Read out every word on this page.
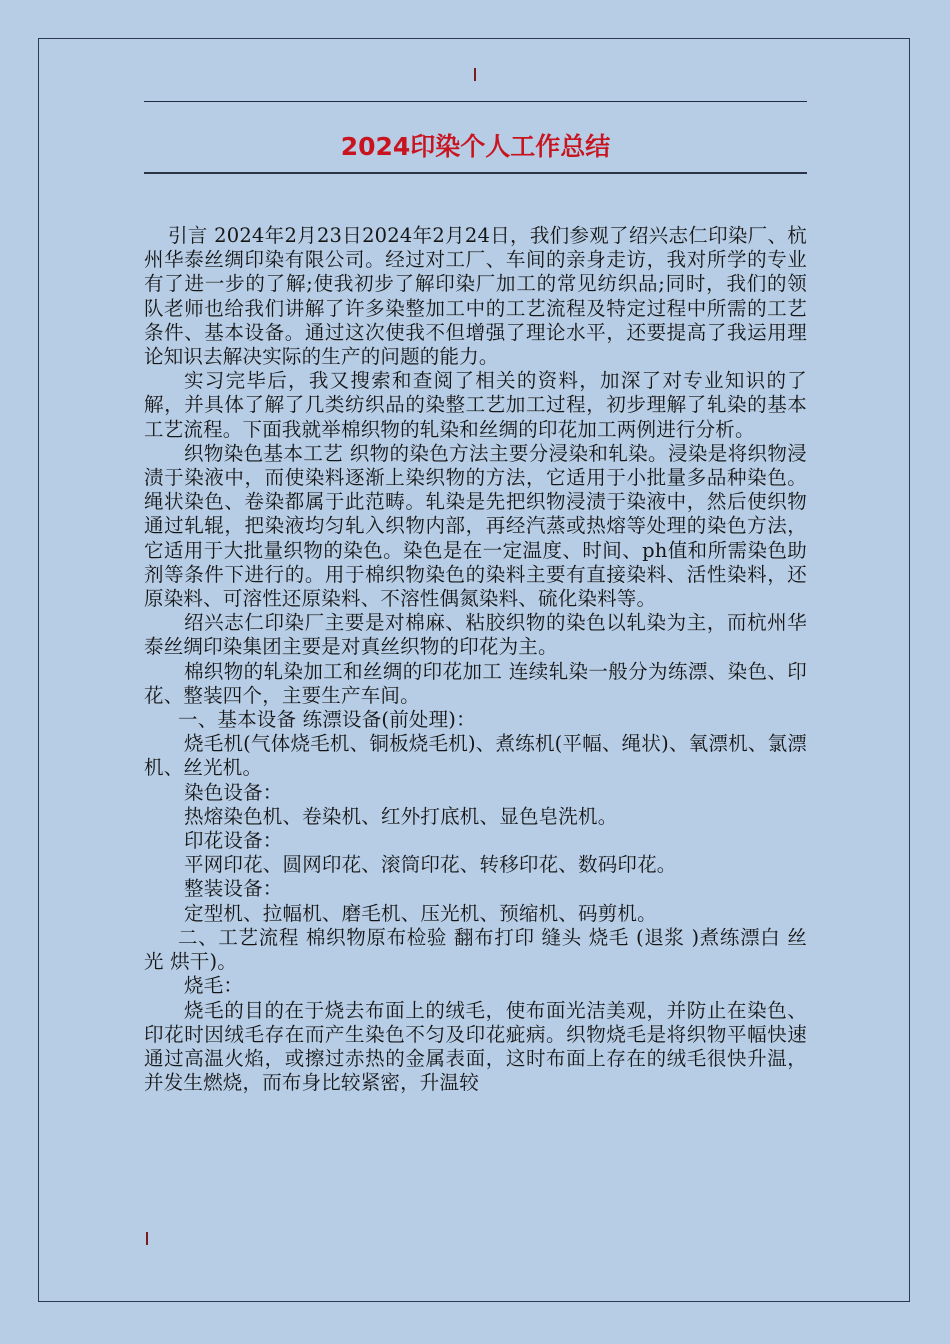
2024印染个人工作总结

引言 2024年2月23日2024年2月24日，我们参观了绍兴志仁印染厂、杭州华泰丝绸印染有限公司。经过对工厂、车间的亲身走访，我对所学的专业有了进一步的了解;使我初步了解印染厂加工的常见纺织品;同时，我们的领队老师也给我们讲解了许多染整加工中的工艺流程及特定过程中所需的工艺条件、基本设备。通过这次使我不但增强了理论水平，还要提高了我运用理论知识去解决实际的生产的问题的能力。

实习完毕后，我又搜索和查阅了相关的资料，加深了对专业知识的了解，并具体了解了几类纺织品的染整工艺加工过程，初步理解了轧染的基本工艺流程。下面我就举棉织物的轧染和丝绸的印花加工两例进行分析。

织物染色基本工艺 织物的染色方法主要分浸染和轧染。浸染是将织物浸渍于染液中，而使染料逐渐上染织物的方法，它适用于小批量多品种染色。绳状染色、卷染都属于此范畴。轧染是先把织物浸渍于染液中，然后使织物通过轧辊，把染液均匀轧入织物内部，再经汽蒸或热熔等处理的染色方法，它适用于大批量织物的染色。染色是在一定温度、时间、ph值和所需染色助剂等条件下进行的。用于棉织物染色的染料主要有直接染料、活性染料，还原染料、可溶性还原染料、不溶性偶氮染料、硫化染料等。

绍兴志仁印染厂主要是对棉麻、粘胶织物的染色以轧染为主，而杭州华泰丝绸印染集团主要是对真丝织物的印花为主。

棉织物的轧染加工和丝绸的印花加工 连续轧染一般分为练漂、染色、印花、整装四个，主要生产车间。

一、基本设备 练漂设备(前处理)：

烧毛机(气体烧毛机、铜板烧毛机)、煮练机(平幅、绳状)、氧漂机、氯漂机、丝光机。

染色设备：

热熔染色机、卷染机、红外打底机、显色皂洗机。

印花设备：

平网印花、圆网印花、滚筒印花、转移印花、数码印花。

整装设备：

定型机、拉幅机、磨毛机、压光机、预缩机、码剪机。

二、工艺流程 棉织物原布检验 翻布打印 缝头 烧毛 (退浆 )煮练漂白 丝光 烘干)。

烧毛：

烧毛的目的在于烧去布面上的绒毛，使布面光洁美观，并防止在染色、印花时因绒毛存在而产生染色不匀及印花疵病。织物烧毛是将织物平幅快速通过高温火焰，或擦过赤热的金属表面，这时布面上存在的绒毛很快升温，并发生燃烧，而布身比较紧密，升温较
